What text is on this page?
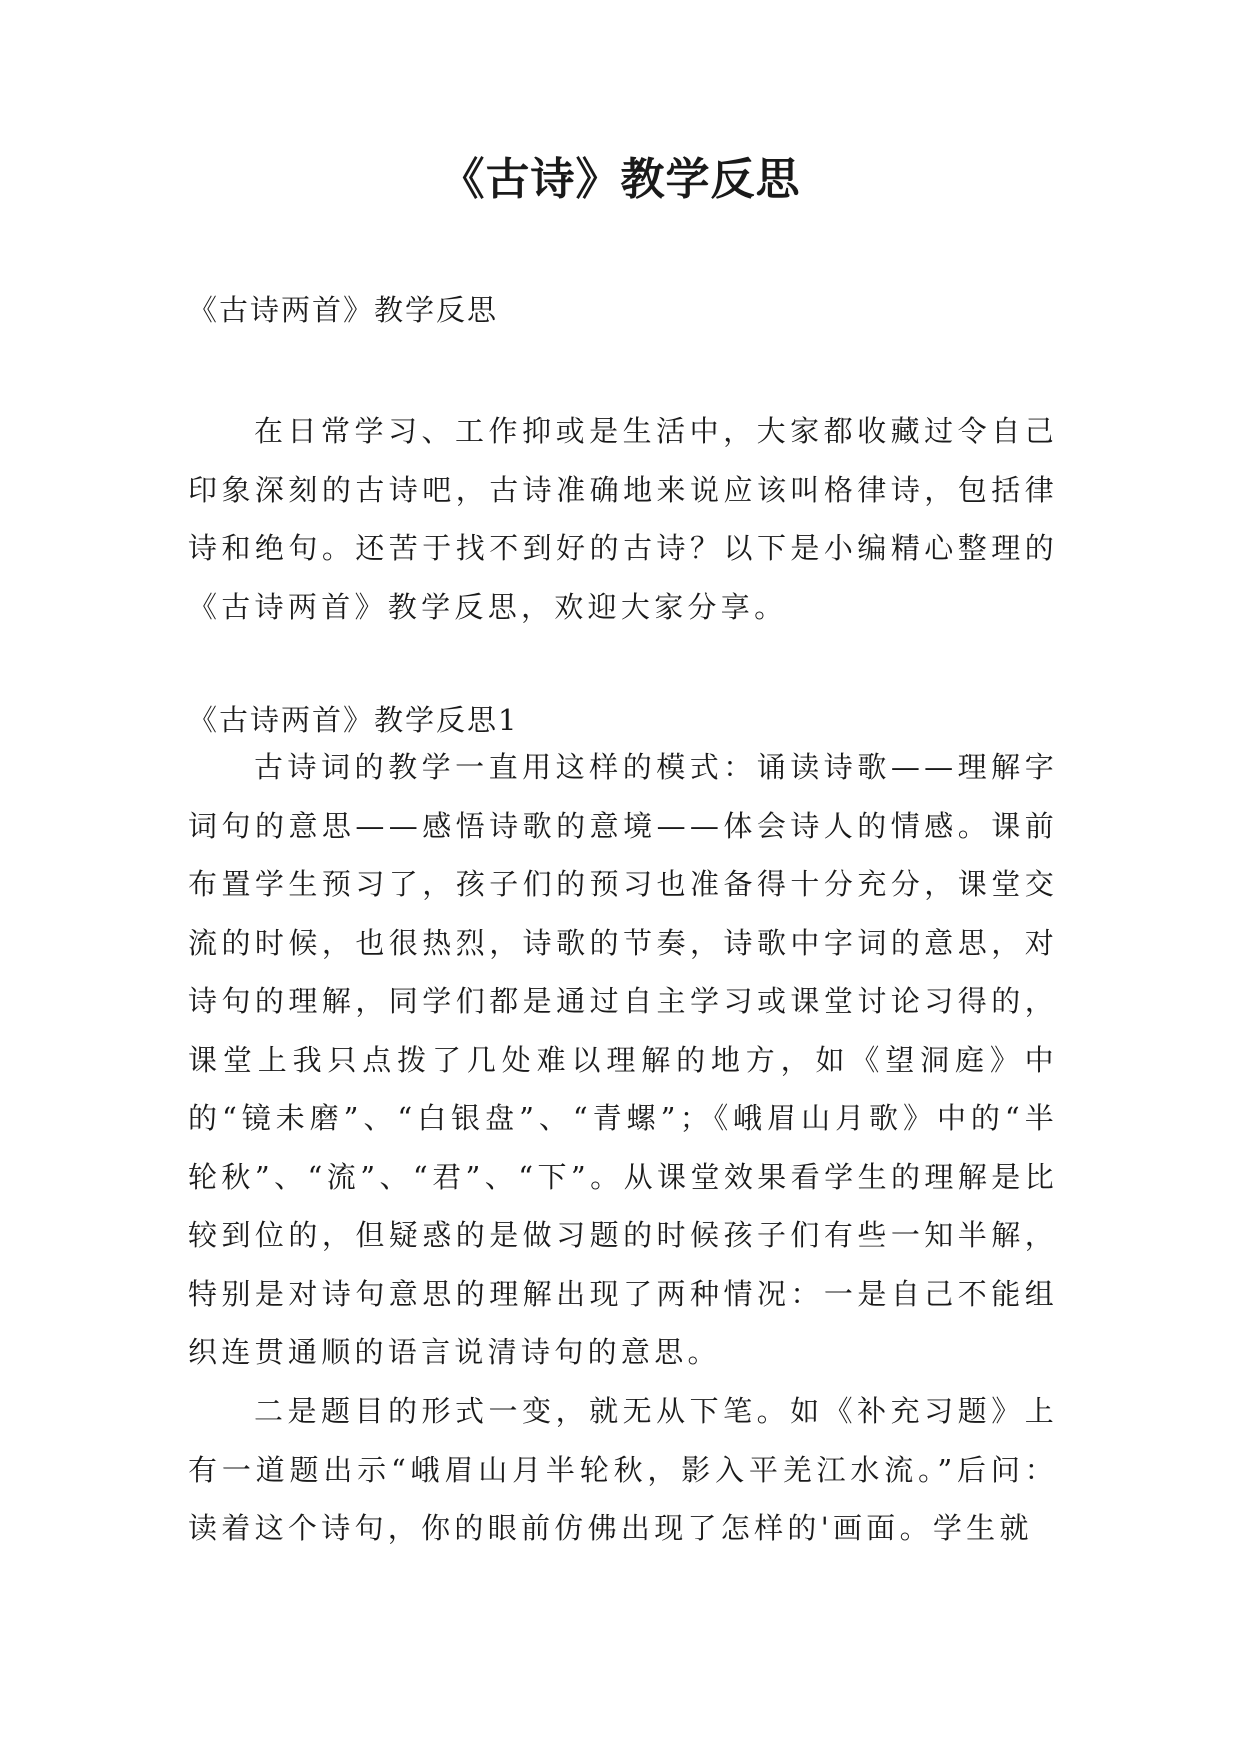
《古诗》教学反思

《古诗两首》教学反思

在日常学习、工作抑或是生活中，大家都收藏过令自己印象深刻的古诗吧，古诗准确地来说应该叫格律诗，包括律诗和绝句。还苦于找不到好的古诗？以下是小编精心整理的《古诗两首》教学反思，欢迎大家分享。

《古诗两首》教学反思1

古诗词的教学一直用这样的模式：诵读诗歌——理解字词句的意思——感悟诗歌的意境——体会诗人的情感。课前布置学生预习了，孩子们的预习也准备得十分充分，课堂交流的时候，也很热烈，诗歌的节奏，诗歌中字词的意思，对诗句的理解，同学们都是通过自主学习或课堂讨论习得的，课堂上我只点拨了几处难以理解的地方，如《望洞庭》中的“镜未磨”、“白银盘”、“青螺”；《峨眉山月歌》中的“半轮秋”、“流”、“君”、“下”。从课堂效果看学生的理解是比较到位的，但疑惑的是做习题的时候孩子们有些一知半解，特别是对诗句意思的理解出现了两种情况：一是自己不能组织连贯通顺的语言说清诗句的意思。

二是题目的形式一变，就无从下笔。如《补充习题》上有一道题出示“峨眉山月半轮秋，影入平羌江水流。”后问：读着这个诗句，你的眼前仿佛出现了怎样的'画面。学生就
